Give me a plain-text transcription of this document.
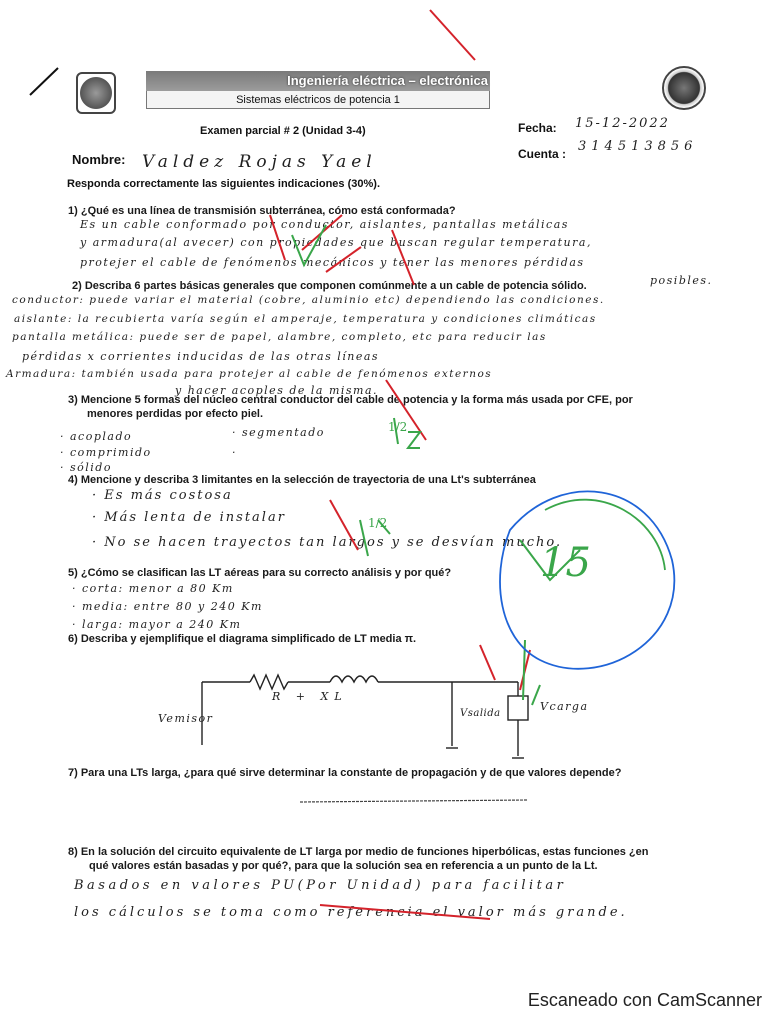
Ingeniería eléctrica – electrónica
Sistemas eléctricos de potencia 1
Examen parcial # 2 (Unidad 3-4)	Fecha: 15-12-2022
Nombre: Valdez Rojas Yael	Cuenta : 314513856
Responda correctamente las siguientes indicaciones (30%).
1) ¿Qué es una línea de transmisión subterránea, cómo está conformada?
Es un cable conformado por conductor, aislantes, pantallas metálicas
y armadura(al avecer) con propiedades que buscan regular temperatura,
protejer el cable de fenómenos mecánicos y tener las menores pérdidas
2) Describa 6 partes básicas generales que componen comúnmente a un cable de potencia sólido.	posibles.
conductor: puede variar el material (cobre, aluminio etc) dependiendo las condiciones.
aislante: la recubierta varía según el amperaje, temperatura y condiciones climáticas
pantalla metálica: puede ser de papel, alambre, completo, etc para reducir las
pérdidas x corrientes inducidas de las otras líneas
Armadura: también usada para protejer al cable de fenómenos externos
y hacer acoples de la misma.
3) Mencione 5 formas del núcleo central conductor del cable de potencia y la forma más usada por CFE, por
menores perdidas por efecto piel.
· acoplado
· comprimido
· sólido
· segmentado
·
4) Mencione y describa 3 limitantes en la selección de trayectoria de una Lt's subterránea
· Es más costosa
· Más lenta de instalar
· No se hacen trayectos tan largos y se desvían mucho.
5) ¿Cómo se clasifican las LT aéreas para su correcto análisis y por qué?
· corta: menor a 80 Km
· media: entre 80 y 240 Km
· larga: mayor a 240 Km
6) Describa y ejemplifique el diagrama simplificado de LT media π.
R + XL
Vemisor	Vsalida
Vcarga
7) Para una LTs larga, ¿para qué sirve determinar la constante de propagación y de que valores depende?
8) En la solución del circuito equivalente de LT larga por medio de funciones hiperbólicas, estas funciones ¿en
qué valores están basadas y por qué?, para que la solución sea en referencia a un punto de la Lt.
Basados en valores PU(Por Unidad) para facilitar
los cálculos se toma como referencia el valor más grande.
15
1/2
1/2
Escaneado con CamScanner
